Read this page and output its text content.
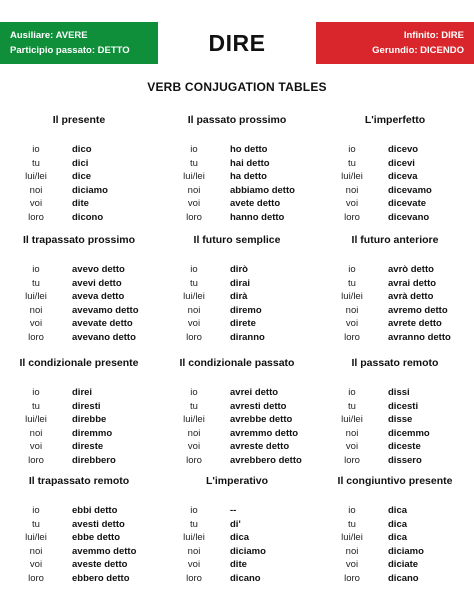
Ausiliare: AVERE
Participio passato: DETTO	DIRE	Infinito: DIRE
Gerundio: DICENDO
VERB CONJUGATION TABLES
Il presente
io	dico
tu	dici
lui/lei	dice
noi	diciamo
voi	dite
loro	dicono
Il passato prossimo
io	ho detto
tu	hai detto
lui/lei	ha detto
noi	abbiamo detto
voi	avete detto
loro	hanno detto
L'imperfetto
io	dicevo
tu	dicevi
lui/lei	diceva
noi	dicevamo
voi	dicevate
loro	dicevano
Il trapassato prossimo
io	avevo detto
tu	avevi detto
lui/lei	aveva detto
noi	avevamo detto
voi	avevate detto
loro	avevano detto
Il futuro semplice
io	dirò
tu	dirai
lui/lei	dirà
noi	diremo
voi	direte
loro	diranno
Il futuro anteriore
io	avrò detto
tu	avrai detto
lui/lei	avrà detto
noi	avremo detto
voi	avrete detto
loro	avranno detto
Il condizionale presente
io	direi
tu	diresti
lui/lei	direbbe
noi	diremmo
voi	direste
loro	direbbero
Il condizionale passato
io	avrei detto
tu	avresti detto
lui/lei	avrebbe detto
noi	avremmo detto
voi	avreste detto
loro	avrebbero detto
Il passato remoto
io	dissi
tu	dicesti
lui/lei	disse
noi	dicemmo
voi	diceste
loro	dissero
Il trapassato remoto
io	ebbi detto
tu	avesti detto
lui/lei	ebbe detto
noi	avemmo detto
voi	aveste detto
loro	ebbero detto
L'imperativo
io	--
tu	di'
lui/lei	dica
noi	diciamo
voi	dite
loro	dicano
Il congiuntivo presente
io	dica
tu	dica
lui/lei	dica
noi	diciamo
voi	diciate
loro	dicano
